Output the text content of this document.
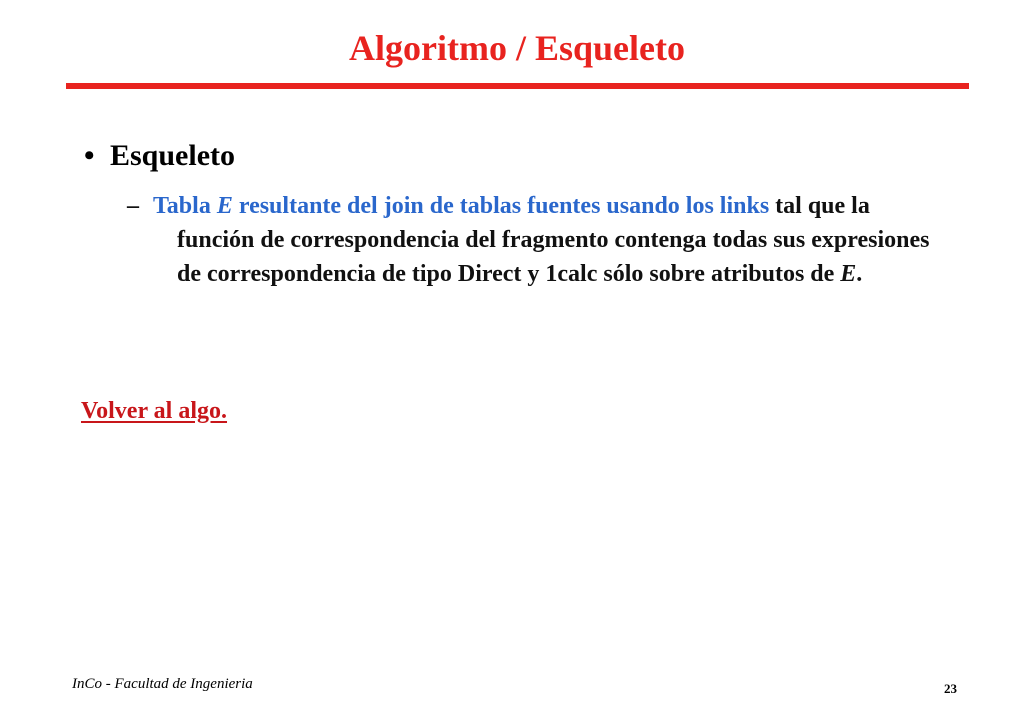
Algoritmo / Esqueleto
• Esqueleto
– Tabla E resultante del join de tablas fuentes usando los links tal que la función de correspondencia del fragmento contenga todas sus expresiones de correspondencia de tipo Direct y 1calc sólo sobre atributos de E.
Volver al algo.
InCo - Facultad de Ingenieria	23
